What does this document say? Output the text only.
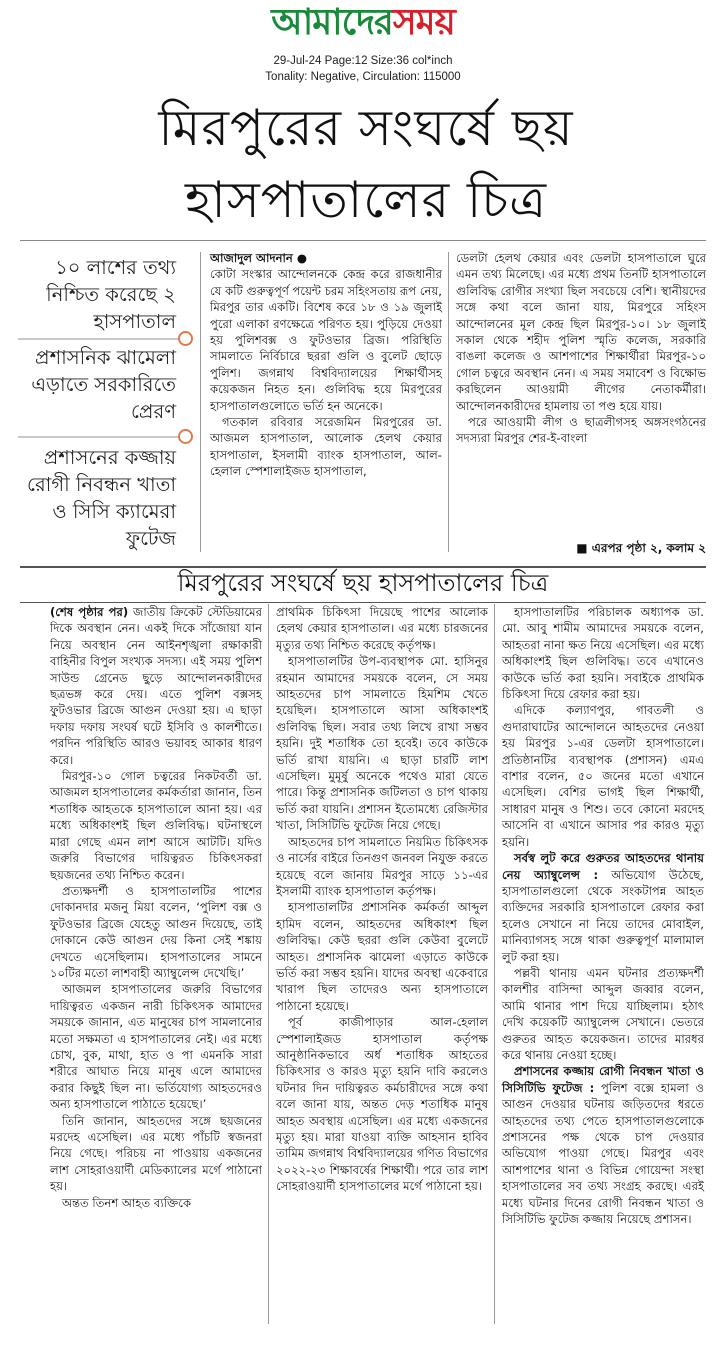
আমাদেরসময়
29-Jul-24 Page:12 Size:36 col*inch
Tonality: Negative, Circulation: 115000
মিরপুরের সংঘর্ষে ছয়
হাসপাতালের চিত্র
১০ লাশের তথ্য নিশ্চিত করেছে ২ হাসপাতাল
প্রশাসনিক ঝামেলা এড়াতে সরকারিতে প্রেরণ
প্রশাসনের কজ্জায় রোগী নিবন্ধন খাতা ও সিসি ক্যামেরা ফুটেজ

আজাদুল আদনান ●

কোটা সংস্কার আন্দোলনকে কেন্দ্র করে রাজধানীর যে কটি গুরুত্বপূর্ণ পয়েন্ট চরম সহিংসতায় রূপ নেয়, মিরপুর তার একটি। বিশেষ করে ১৮ ও ১৯ জুলাই পুরো এলাকা রণক্ষেত্রে পরিণত হয়। পুড়িয়ে দেওয়া হয় পুলিশবক্স ও ফুটওভার ব্রিজ। পরিস্থিতি সামলাতে নির্বিচারে ছররা গুলি ও বুলেট ছোড়ে পুলিশ। জগন্নাথ বিশ্ববিদ্যালয়ের শিক্ষার্থীসহ কয়েকজন নিহত হন। গুলিবিদ্ধ হয়ে মিরপুরের হাসপাতালগুলোতে ভর্তি হন অনেকে।

গতকাল রবিবার সরেজমিন মিরপুরের ডা. আজমল হাসপাতাল, আলোক হেলথ কেয়ার হাসপাতাল, ইসলামী ব্যাংক হাসপাতাল, আল-হেলাল স্পেশালাইজড হাসপাতাল,

ডেলটা হেলথ কেয়ার এবং ডেলটা হাসপাতালে ঘুরে এমন তথ্য মিলেছে। এর মধ্যে প্রথম তিনটি হাসপাতালে গুলিবিদ্ধ রোগীর সংখ্যা ছিল সবচেয়ে বেশি। স্থানীয়দের সঙ্গে কথা বলে জানা যায়, মিরপুরে সহিংস আন্দোলনের মূল কেন্দ্র ছিল মিরপুর-১০। ১৮ জুলাই সকাল থেকে শহীদ পুলিশ স্মৃতি কলেজ, সরকারি বাঙলা কলেজ ও আশপাশের শিক্ষার্থীরা মিরপুর-১০ গোল চত্বরে অবস্থান নেন। এ সময় সমাবেশ ও বিক্ষোভ করছিলেন আওয়ামী লীগের নেতাকর্মীরা। আন্দোলনকারীদের হামলায় তা পণ্ড হয়ে যায়।

পরে আওয়ামী লীগ ও ছাত্রলীগসহ অঙ্গসংগঠনের সদস্যরা মিরপুর শের-ই-বাংলা

■ এরপর পৃষ্ঠা ২, কলাম ২
মিরপুরের সংঘর্ষে ছয় হাসপাতালের চিত্র

(শেষ পৃষ্ঠার পর) জাতীয় ক্রিকেট স্টেডিয়ামের দিকে অবস্থান নেন। একই দিকে সাঁজোয়া যান নিয়ে অবস্থান নেন আইনশৃঙ্খলা রক্ষাকারী বাহিনীর বিপুল সংখ্যক সদস্য। এই সময় পুলিশ সাউন্ড গ্রেনেড ছুড়ে আন্দোলনকারীদের ছত্রভঙ্গ করে দেয়। এতে পুলিশ বক্সসহ ফুটওভার ব্রিজে আগুন দেওয়া হয়। এ ছাড়া দফায় দফায় সংঘর্ষ ঘটে ইসিবি ও কালশীতে। পরদিন পরিস্থিতি আরও ভয়াবহ আকার ধারণ করে।

মিরপুর-১০ গোল চত্বরের নিকটবর্তী ডা. আজমল হাসপাতালের কর্মকর্তারা জানান, তিন শতাধিক আহতকে হাসপাতালে আনা হয়। এর মধ্যে অধিকাংশই ছিল গুলিবিদ্ধ। ঘটনাস্থলে মারা গেছে এমন লাশ আসে আটটি। যদিও জরুরি বিভাগের দায়িত্বরত চিকিৎসকরা ছয়জনের তথ্য নিশ্চিত করেন।

প্রত্যক্ষদর্শী ও হাসপাতালটির পাশের দোকানদার মজনু মিয়া বলেন, ‘পুলিশ বক্স ও ফুটওভার ব্রিজে যেহেতু আগুন দিয়েছে, তাই দোকানে কেউ আগুন দেয় কিনা সেই শঙ্কায় দেখতে এসেছিলাম। হাসপাতালের সামনে ১০টির মতো লাশবাহী অ্যাম্বুলেন্স দেখেছি।’

আজমল হাসপাতালের জরুরি বিভাগের দায়িত্বরত একজন নারী চিকিৎসক আমাদের সময়কে জানান, এত মানুষের চাপ সামলানোর মতো সক্ষমতা এ হাসপাতালের নেই। এর মধ্যে চোখ, বুক, মাথা, হাত ও পা এমনকি সারা শরীরে আঘাত নিয়ে মানুষ এলে আমাদের করার কিছুই ছিল না। ভর্তিযোগ্য আহতদেরও অন্য হাসপাতালে পাঠাতে হয়েছে।’

তিনি জানান, আহতদের সঙ্গে ছয়জনের মরদেহ এসেছিল। এর মধ্যে পাঁচটি স্বজনরা নিয়ে গেছে। পরিচয় না পাওয়ায় একজনের লাশ সোহরাওয়ার্দী মেডিক্যালের মর্গে পাঠানো হয়।

অন্তত তিনশ আহত ব্যক্তিকে

প্রাথমিক চিকিৎসা দিয়েছে পাশের আলোক হেলথ কেয়ার হাসপাতাল। এর মধ্যে চারজনের মৃত্যুর তথ্য নিশ্চিত করেছে কর্তৃপক্ষ।

হাসপাতালটির উপ-ব্যবস্থাপক মো. হাসিনুর রহমান আমাদের সময়কে বলেন, সে সময় আহতদের চাপ সামলাতে হিমশিম খেতে হয়েছিল। হাসপাতালে আসা অধিকাংশই গুলিবিদ্ধ ছিল। সবার তথ্য লিখে রাখা সম্ভব হয়নি। দুই শতাধিক তো হবেই। তবে কাউকে ভর্তি রাখা যায়নি। এ ছাড়া চারটি লাশ এসেছিল। মুমূর্ষু অনেকে পথেও মারা যেতে পারে। কিন্তু প্রশাসনিক জটিলতা ও চাপ থাকায় ভর্তি করা যায়নি। প্রশাসন ইতোমধ্যে রেজিস্টার খাতা, সিসিটিভি ফুটেজ নিয়ে গেছে।

আহতদের চাপ সামলাতে নিয়মিত চিকিৎসক ও নার্সের বাইরে তিনগুণ জনবল নিযুক্ত করতে হয়েছে বলে জানায় মিরপুর সাড়ে ১১-এর ইসলামী ব্যাংক হাসপাতাল কর্তৃপক্ষ।

হাসপাতালটির প্রশাসনিক কর্মকর্তা আব্দুল হামিদ বলেন, আহতদের অধিকাংশ ছিল গুলিবিদ্ধ। কেউ ছররা গুলি কেউবা বুলেটে আহত। প্রশাসনিক ঝামেলা এড়াতে কাউকে ভর্তি করা সম্ভব হয়নি। যাদের অবস্থা একেবারে খারাপ ছিল তাদেরও অন্য হাসপাতালে পাঠানো হয়েছে।

পূর্ব কাজীপাড়ার আল-হেলাল স্পেশালাইজড হাসপাতাল কর্তৃপক্ষ আনুষ্ঠানিকভাবে অর্ধ শতাধিক আহতের চিকিৎসার ও কারও মৃত্যু হয়নি দাবি করলেও ঘটনার দিন দায়িত্বরত কর্মচারীদের সঙ্গে কথা বলে জানা যায়, অন্তত দেড় শতাধিক মানুষ আহত অবস্থায় এসেছিল। এর মধ্যে একজনের মৃত্যু হয়। মারা যাওয়া ব্যক্তি আহসান হাবিব তামিম জগন্নাথ বিশ্ববিদ্যালয়ের গণিত বিভাগের ২০২২-২৩ শিক্ষাবর্ষের শিক্ষার্থী। পরে তার লাশ সোহরাওয়ার্দী হাসপাতালের মর্গে পাঠানো হয়।

হাসপাতালটির পরিচালক অধ্যাপক ডা. মো. আবু শামীম আমাদের সময়কে বলেন, আহতরা নানা ক্ষত নিয়ে এসেছিল। এর মধ্যে অধিকাংশই ছিল গুলিবিদ্ধ। তবে এখানেও কাউকে ভর্তি করা হয়নি। সবাইকে প্রাথমিক চিকিৎসা দিয়ে রেফার করা হয়।

এদিকে কল্যাণপুর, গাবতলী ও গুদারাঘাটের আন্দোলনে আহতদের নেওয়া হয় মিরপুর ১-এর ডেলটা হাসপাতালে। প্রতিষ্ঠানটির ব্যবস্থাপক (প্রশাসন) এমএ বাশার বলেন, ৫০ জনের মতো এখানে এসেছিল। বেশির ভাগই ছিল শিক্ষার্থী, সাধারণ মানুষ ও শিশু। তবে কোনো মরদেহ আসেনি বা এখানে আসার পর কারও মৃত্যু হয়নি।

সর্বস্ব লুট করে গুরুতর আহতদের থানায় নেয় অ্যাম্বুলেন্স : অভিযোগ উঠেছে, হাসপাতালগুলো থেকে সংকটাপন্ন আহত ব্যক্তিদের সরকারি হাসপাতালে রেফার করা হলেও সেখানে না নিয়ে তাদের মোবাইল, মানিব্যাগসহ সঙ্গে থাকা গুরুত্বপূর্ণ মালামাল লুট করা হয়।

পল্লবী থানায় এমন ঘটনার প্রত্যক্ষদর্শী কালশীর বাসিন্দা আব্দুল জব্বার বলেন, আমি থানার পাশ দিয়ে যাচ্ছিলাম। হঠাৎ দেখি কয়েকটি অ্যাম্বুলেন্স সেখানে। ভেতরে গুরুতর আহত কয়েকজন। তাদের মারধর করে থানায় নেওয়া হচ্ছে।

প্রশাসনের কজ্জায় রোগী নিবন্ধন খাতা ও সিসিটিভি ফুটেজ : পুলিশ বক্সে হামলা ও আগুন দেওয়ার ঘটনায় জড়িতদের ধরতে আহতদের তথ্য পেতে হাসপাতালগুলোকে প্রশাসনের পক্ষ থেকে চাপ দেওয়ার অভিযোগ পাওয়া গেছে। মিরপুর এবং আশপাশের থানা ও বিভিন্ন গোয়েন্দা সংস্থা হাসপাতালের সব তথ্য সংগ্রহ করছে। এরই মধ্যে ঘটনার দিনের রোগী নিবন্ধন খাতা ও সিসিটিভি ফুটেজ কজ্জায় নিয়েছে প্রশাসন।
